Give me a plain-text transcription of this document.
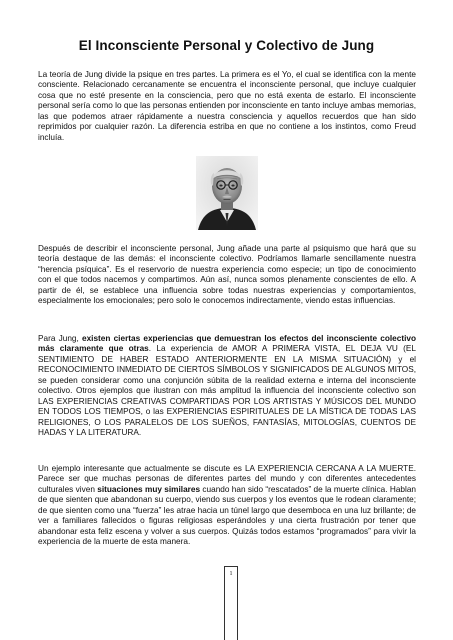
El Inconsciente Personal y Colectivo de Jung

La teoría de Jung divide la psique en tres partes. La primera es el Yo, el cual se identifica con la mente consciente. Relacionado cercanamente se encuentra el inconsciente personal, que incluye cualquier cosa que no esté presente en la consciencia, pero que no está exenta de estarlo. El inconsciente personal sería como lo que las personas entienden por inconsciente en tanto incluye ambas memorias, las que podemos atraer rápidamente a nuestra consciencia y aquellos recuerdos que han sido reprimidos por cualquier razón. La diferencia estriba en que no contiene a los instintos, como Freud incluía.

Después de describir el inconsciente personal, Jung añade una parte al psiquismo que hará que su teoría destaque de las demás: el inconsciente colectivo. Podríamos llamarle sencillamente nuestra “herencia psíquica”. Es el reservorio de nuestra experiencia como especie; un tipo de conocimiento con el que todos nacemos y compartimos. Aún así, nunca somos plenamente conscientes de ello. A partir de él, se establece una influencia sobre todas nuestras experiencias y comportamientos, especialmente los emocionales; pero solo le conocemos indirectamente, viendo estas influencias.

Para Jung, existen ciertas experiencias que demuestran los efectos del inconsciente colectivo más claramente que otras. La experiencia de AMOR A PRIMERA VISTA, EL DEJA VU (EL SENTIMIENTO DE HABER ESTADO ANTERIORMENTE EN LA MISMA SITUACIÓN) y el RECONOCIMIENTO INMEDIATO DE CIERTOS SÍMBOLOS Y SIGNIFICADOS DE ALGUNOS MITOS, se pueden considerar como una conjunción súbita de la realidad externa e interna del inconsciente colectivo. Otros ejemplos que ilustran con más amplitud la influencia del inconsciente colectivo son LAS EXPERIENCIAS CREATIVAS COMPARTIDAS POR LOS ARTISTAS Y MÚSICOS DEL MUNDO EN TODOS LOS TIEMPOS, o las EXPERIENCIAS ESPIRITUALES DE LA MÍSTICA DE TODAS LAS RELIGIONES, O LOS PARALELOS DE LOS SUEÑOS, FANTASÍAS, MITOLOGÍAS, CUENTOS DE HADAS Y LA LITERATURA.

Un ejemplo interesante que actualmente se discute es LA EXPERIENCIA CERCANA A LA MUERTE. Parece ser que muchas personas de diferentes partes del mundo y con diferentes antecedentes culturales viven situaciones muy similares cuando han sido “rescatados” de la muerte clínica. Hablan de que sienten que abandonan su cuerpo, viendo sus cuerpos y los eventos que le rodean claramente; de que sienten como una “fuerza” les atrae hacia un túnel largo que desemboca en una luz brillante; de ver a familiares fallecidos o figuras religiosas esperándoles y una cierta frustración por tener que abandonar esta feliz escena y volver a sus cuerpos. Quizás todos estamos “programados” para vivir la experiencia de la muerte de esta manera.

1
